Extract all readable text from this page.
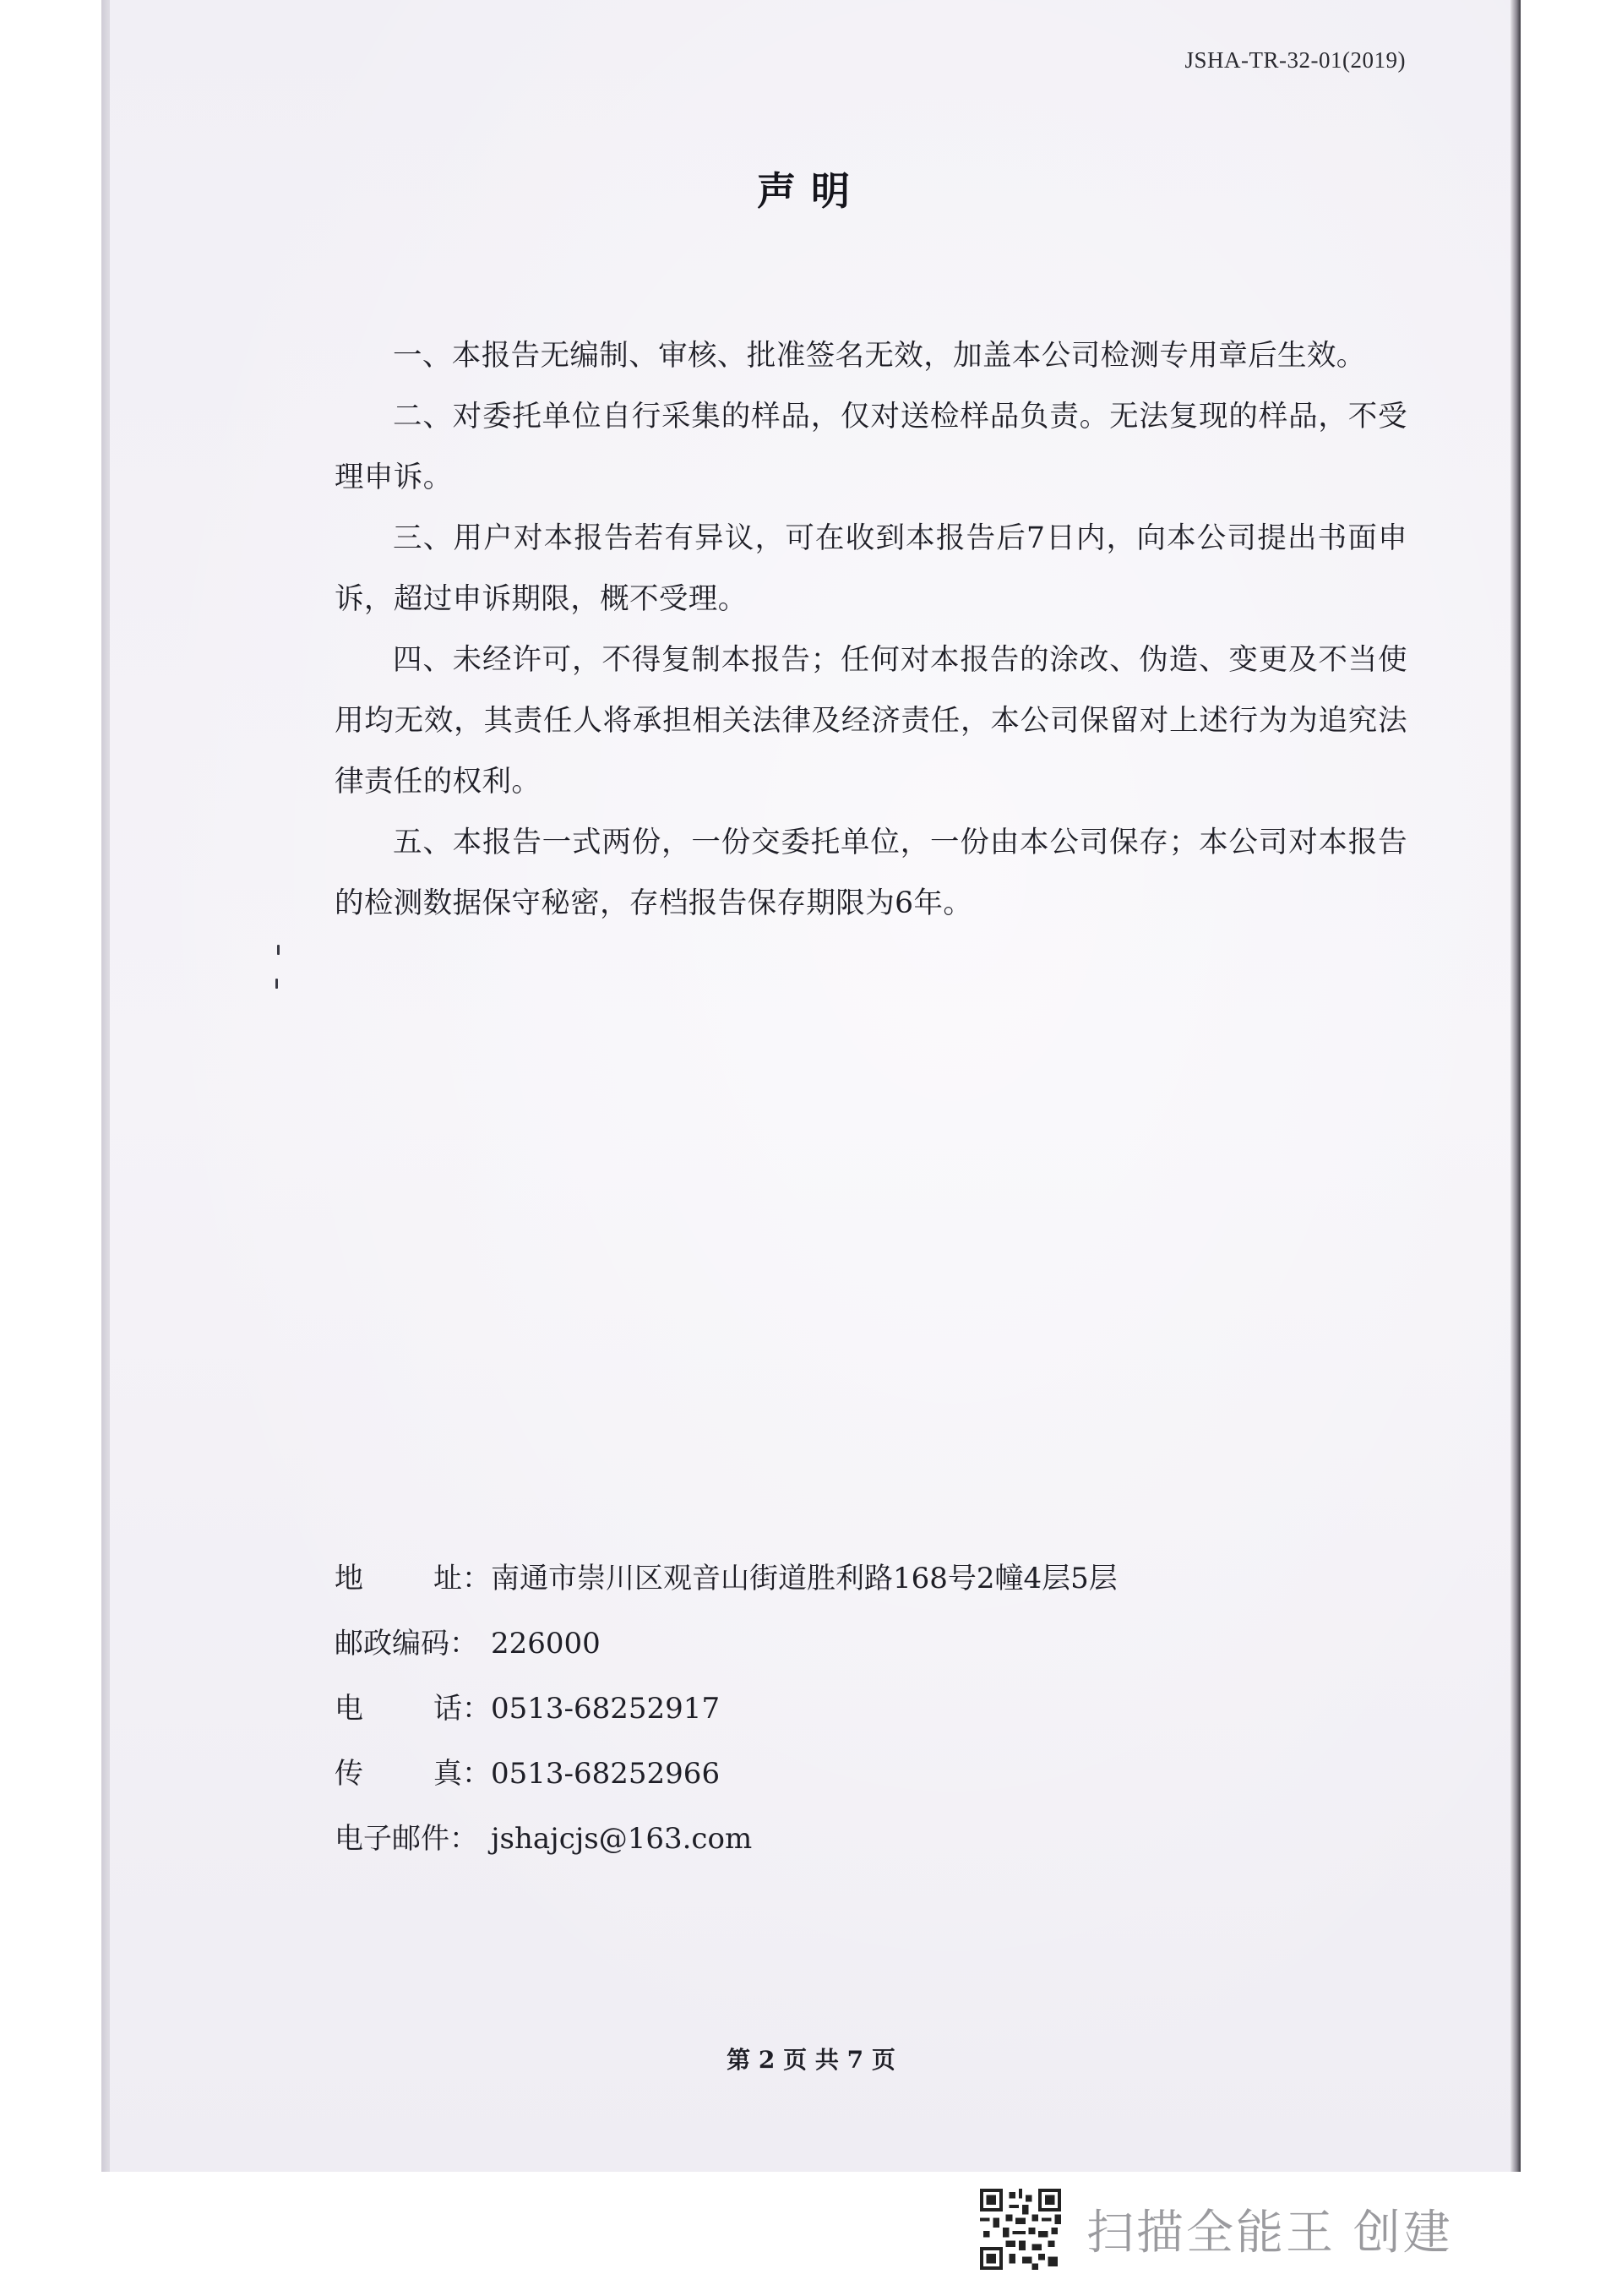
JSHA-TR-32-01(2019)
声明

一、本报告无编制、审核、批准签名无效，加盖本公司检测专用章后生效。

二、对委托单位自行采集的样品，仅对送检样品负责。无法复现的样品，不受理申诉。

三、用户对本报告若有异议，可在收到本报告后7日内，向本公司提出书面申诉，超过申诉期限，概不受理。

四、未经许可，不得复制本报告；任何对本报告的涂改、伪造、变更及不当使用均无效，其责任人将承担相关法律及经济责任，本公司保留对上述行为为追究法律责任的权利。

五、本报告一式两份，一份交委托单位，一份由本公司保存；本公司对本报告的检测数据保守秘密，存档报告保存期限为6年。

地 址： 南通市崇川区观音山街道胜利路168号2幢4层5层
邮政编码： 226000
电 话： 0513-68252917
传 真： 0513-68252966
电子邮件： jshajcjs@163.com
第 2 页 共 7 页
扫描全能王 创建
